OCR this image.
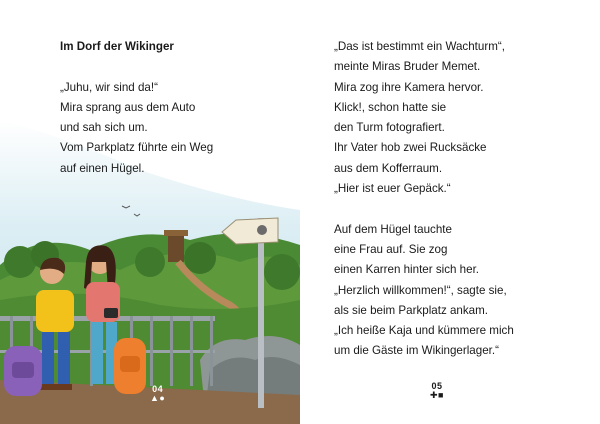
Im Dorf der Wikinger
„Juhu, wir sind da!“
Mira sprang aus dem Auto
und sah sich um.
Vom Parkplatz führte ein Weg
auf einen Hügel.
04
▲●
„Das ist bestimmt ein Wachturm“,
meinte Miras Bruder Memet.
Mira zog ihre Kamera hervor.
Klick!, schon hatte sie
den Turm fotografiert.
Ihr Vater hob zwei Rucksäcke
aus dem Kofferraum.
„Hier ist euer Gepäck.“
Auf dem Hügel tauchte
eine Frau auf. Sie zog
einen Karren hinter sich her.
„Herzlich willkommen!“, sagte sie,
als sie beim Parkplatz ankam.
„Ich heiße Kaja und kümmere mich
um die Gäste im Wikingerlager.“
05
✚■
